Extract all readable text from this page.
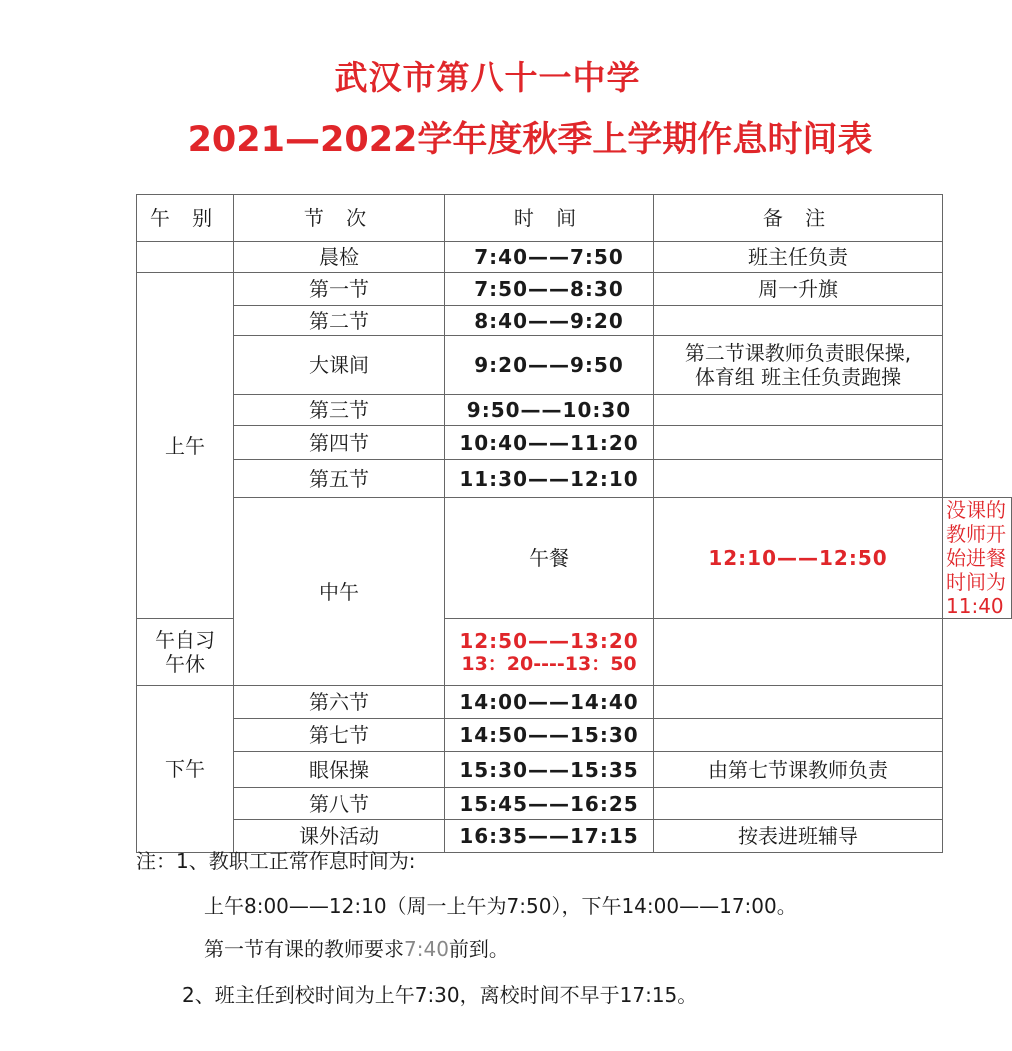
武汉市第八十一中学
2021—2022学年度秋季上学期作息时间表
午 别	节 次	时 间	备 注	
	晨检	7:40——7:50	班主任负责	
上午	第一节	7:50——8:30	周一升旗	
	第二节	8:40——9:20		
	大课间	9:20——9:50	第二节课教师负责眼保操,
体育组 班主任负责跑操	

	第三节	9:50——10:30		
	第四节	10:40——11:20		
	第五节	11:30——12:10		
	中午	午餐	12:10——12:50	没课的教师开始进餐时间为11:40
午自习　午休		12:50——13:20
13：20----13：50		

下午	第六节	14:00——14:40		
	第七节	14:50——15:30		
	眼保操	15:30——15:35	由第七节课教师负责	
	第八节	15:45——16:25		
	课外活动	16:35——17:15	按表进班辅导	
注：1、教职工正常作息时间为:
上午8:00——12:10（周一上午为7:50），下午14:00——17:00。
第一节有课的教师要求7:40前到。
2、班主任到校时间为上午7:30，离校时间不早于17:15。
